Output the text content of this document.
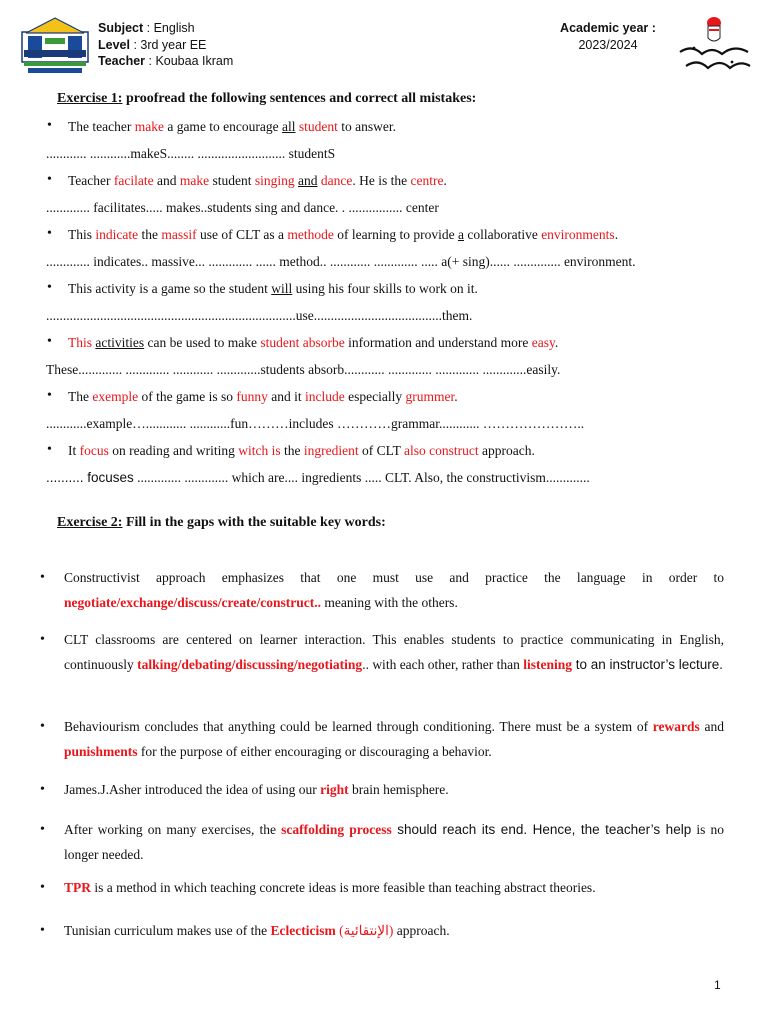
Subject : English
Level : 3rd year EE
Teacher : Koubaa Ikram
Academic year :
2023/2024
Exercise 1: proofread the following sentences and correct all mistakes:
• The teacher make a game to encourage all student to answer.
............ ............makeS........ .......................... studentS
• Teacher facilate and make student singing and dance. He is the centre.
............. facilitates..... makes..students sing and dance. . ................ center
• This indicate the massif use of CLT as a methode of learning to provide a collaborative environments.
............. indicates.. massive... ............. ...... method.. ............ ............. ..... a(+ sing)...... .............. environment.
• This activity is a game so the student will using his four skills to work on it.
..........................................................................use......................................them.
• This activities can be used to make student absorbe information and understand more easy.
These............. ............. ............ .............students absorb............ ............. ............. .............easily.
• The exemple of the game is so funny and it include especially grummer.
............example…............ ............fun………includes …………grammar............ …………………..
• It focus on reading and writing witch is the ingredient of CLT also construct approach.
.......... focuses ............. ............. which are.... ingredients ..... CLT. Also, the constructivism.............
Exercise 2: Fill in the gaps with the suitable key words:
• Constructivist approach emphasizes that one must use and practice the language in order to negotiate/exchange/discuss/create/construct.. meaning with the others.
• CLT classrooms are centered on learner interaction. This enables students to practice communicating in English, continuously talking/debating/discussing/negotiating.. with each other, rather than listening to an instructor’s lecture.
• Behaviourism concludes that anything could be learned through conditioning. There must be a system of rewards and punishments for the purpose of either encouraging or discouraging a behavior.
• James.J.Asher introduced the idea of using our right brain hemisphere.
• After working on many exercises, the scaffolding process should reach its end. Hence, the teacher’s help is no longer needed.
• TPR is a method in which teaching concrete ideas is more feasible than teaching abstract theories.
• Tunisian curriculum makes use of the Eclecticism (الإنتقائية) approach.
1
